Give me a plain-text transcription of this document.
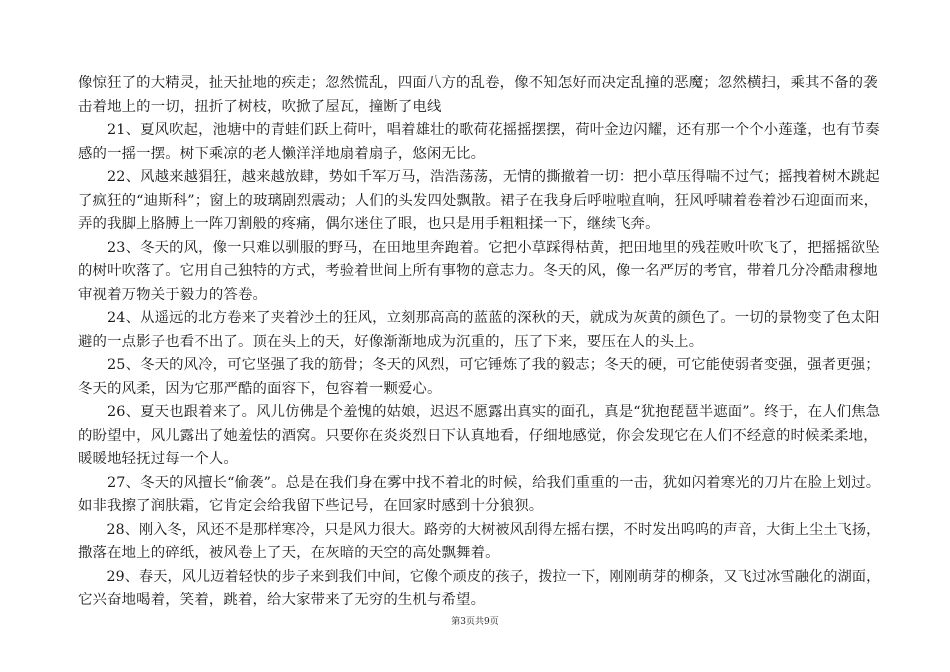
像惊狂了的大精灵，扯天扯地的疾走；忽然慌乱，四面八方的乱卷，像不知怎好而决定乱撞的恶魔；忽然横扫，乘其不备的袭
击着地上的一切，扭折了树枝，吹掀了屋瓦，撞断了电线
　　21、夏风吹起，池塘中的青蛙们跃上荷叶，唱着雄壮的歌荷花摇摇摆摆，荷叶金边闪耀，还有那一个个小莲蓬，也有节奏
感的一摇一摆。树下乘凉的老人懒洋洋地扇着扇子，悠闲无比。
　　22、风越来越猖狂，越来越放肆，势如千军万马，浩浩荡荡，无情的撕撤着一切：把小草压得喘不过气；摇拽着树木跳起
了疯狂的“迪斯科”；窗上的玻璃剧烈震动；人们的头发四处飘散。裙子在我身后呼啦啦直响，狂风呼啸着卷着沙石迎面而来，
弄的我脚上胳膊上一阵刀割般的疼痛，偶尔迷住了眼，也只是用手粗粗揉一下，继续飞奔。
　　23、冬天的风，像一只难以驯服的野马，在田地里奔跑着。它把小草踩得枯黄，把田地里的残茬败叶吹飞了，把摇摇欲坠
的树叶吹落了。它用自己独特的方式，考验着世间上所有事物的意志力。冬天的风，像一名严厉的考官，带着几分冷酷肃穆地
审视着万物关于毅力的答卷。
　　24、从遥远的北方卷来了夹着沙土的狂风，立刻那高高的蓝蓝的深秋的天，就成为灰黄的颜色了。一切的景物变了色太阳
避的一点影子也看不出了。顶在头上的天，好像渐渐地成为沉重的，压了下来，要压在人的头上。
　　25、冬天的风冷，可它坚强了我的筋骨；冬天的风烈，可它锤炼了我的毅志；冬天的硬，可它能使弱者变强，强者更强；
冬天的风柔，因为它那严酷的面容下，包容着一颗爱心。
　　26、夏天也跟着来了。风儿仿佛是个羞愧的姑娘，迟迟不愿露出真实的面孔，真是“犹抱琵琶半遮面”。终于，在人们焦急
的盼望中，风儿露出了她羞怯的酒窝。只要你在炎炎烈日下认真地看，仔细地感觉，你会发现它在人们不经意的时候柔柔地，
暖暖地轻抚过每一个人。
　　27、冬天的风擅长“偷袭”。总是在我们身在雾中找不着北的时候，给我们重重的一击，犹如闪着寒光的刀片在脸上划过。
如非我擦了润肤霜，它肯定会给我留下些记号，在回家时感到十分狼狈。
　　28、刚入冬，风还不是那样寒冷，只是风力很大。路旁的大树被风刮得左摇右摆，不时发出呜呜的声音，大街上尘土飞扬，
撒落在地上的碎纸，被风卷上了天，在灰暗的天空的高处飘舞着。
　　29、春天，风儿迈着轻快的步子来到我们中间，它像个顽皮的孩子，拨拉一下，刚刚萌芽的柳条，又飞过冰雪融化的湖面，
它兴奋地喝着，笑着，跳着，给大家带来了无穷的生机与希望。
第3页共9页
